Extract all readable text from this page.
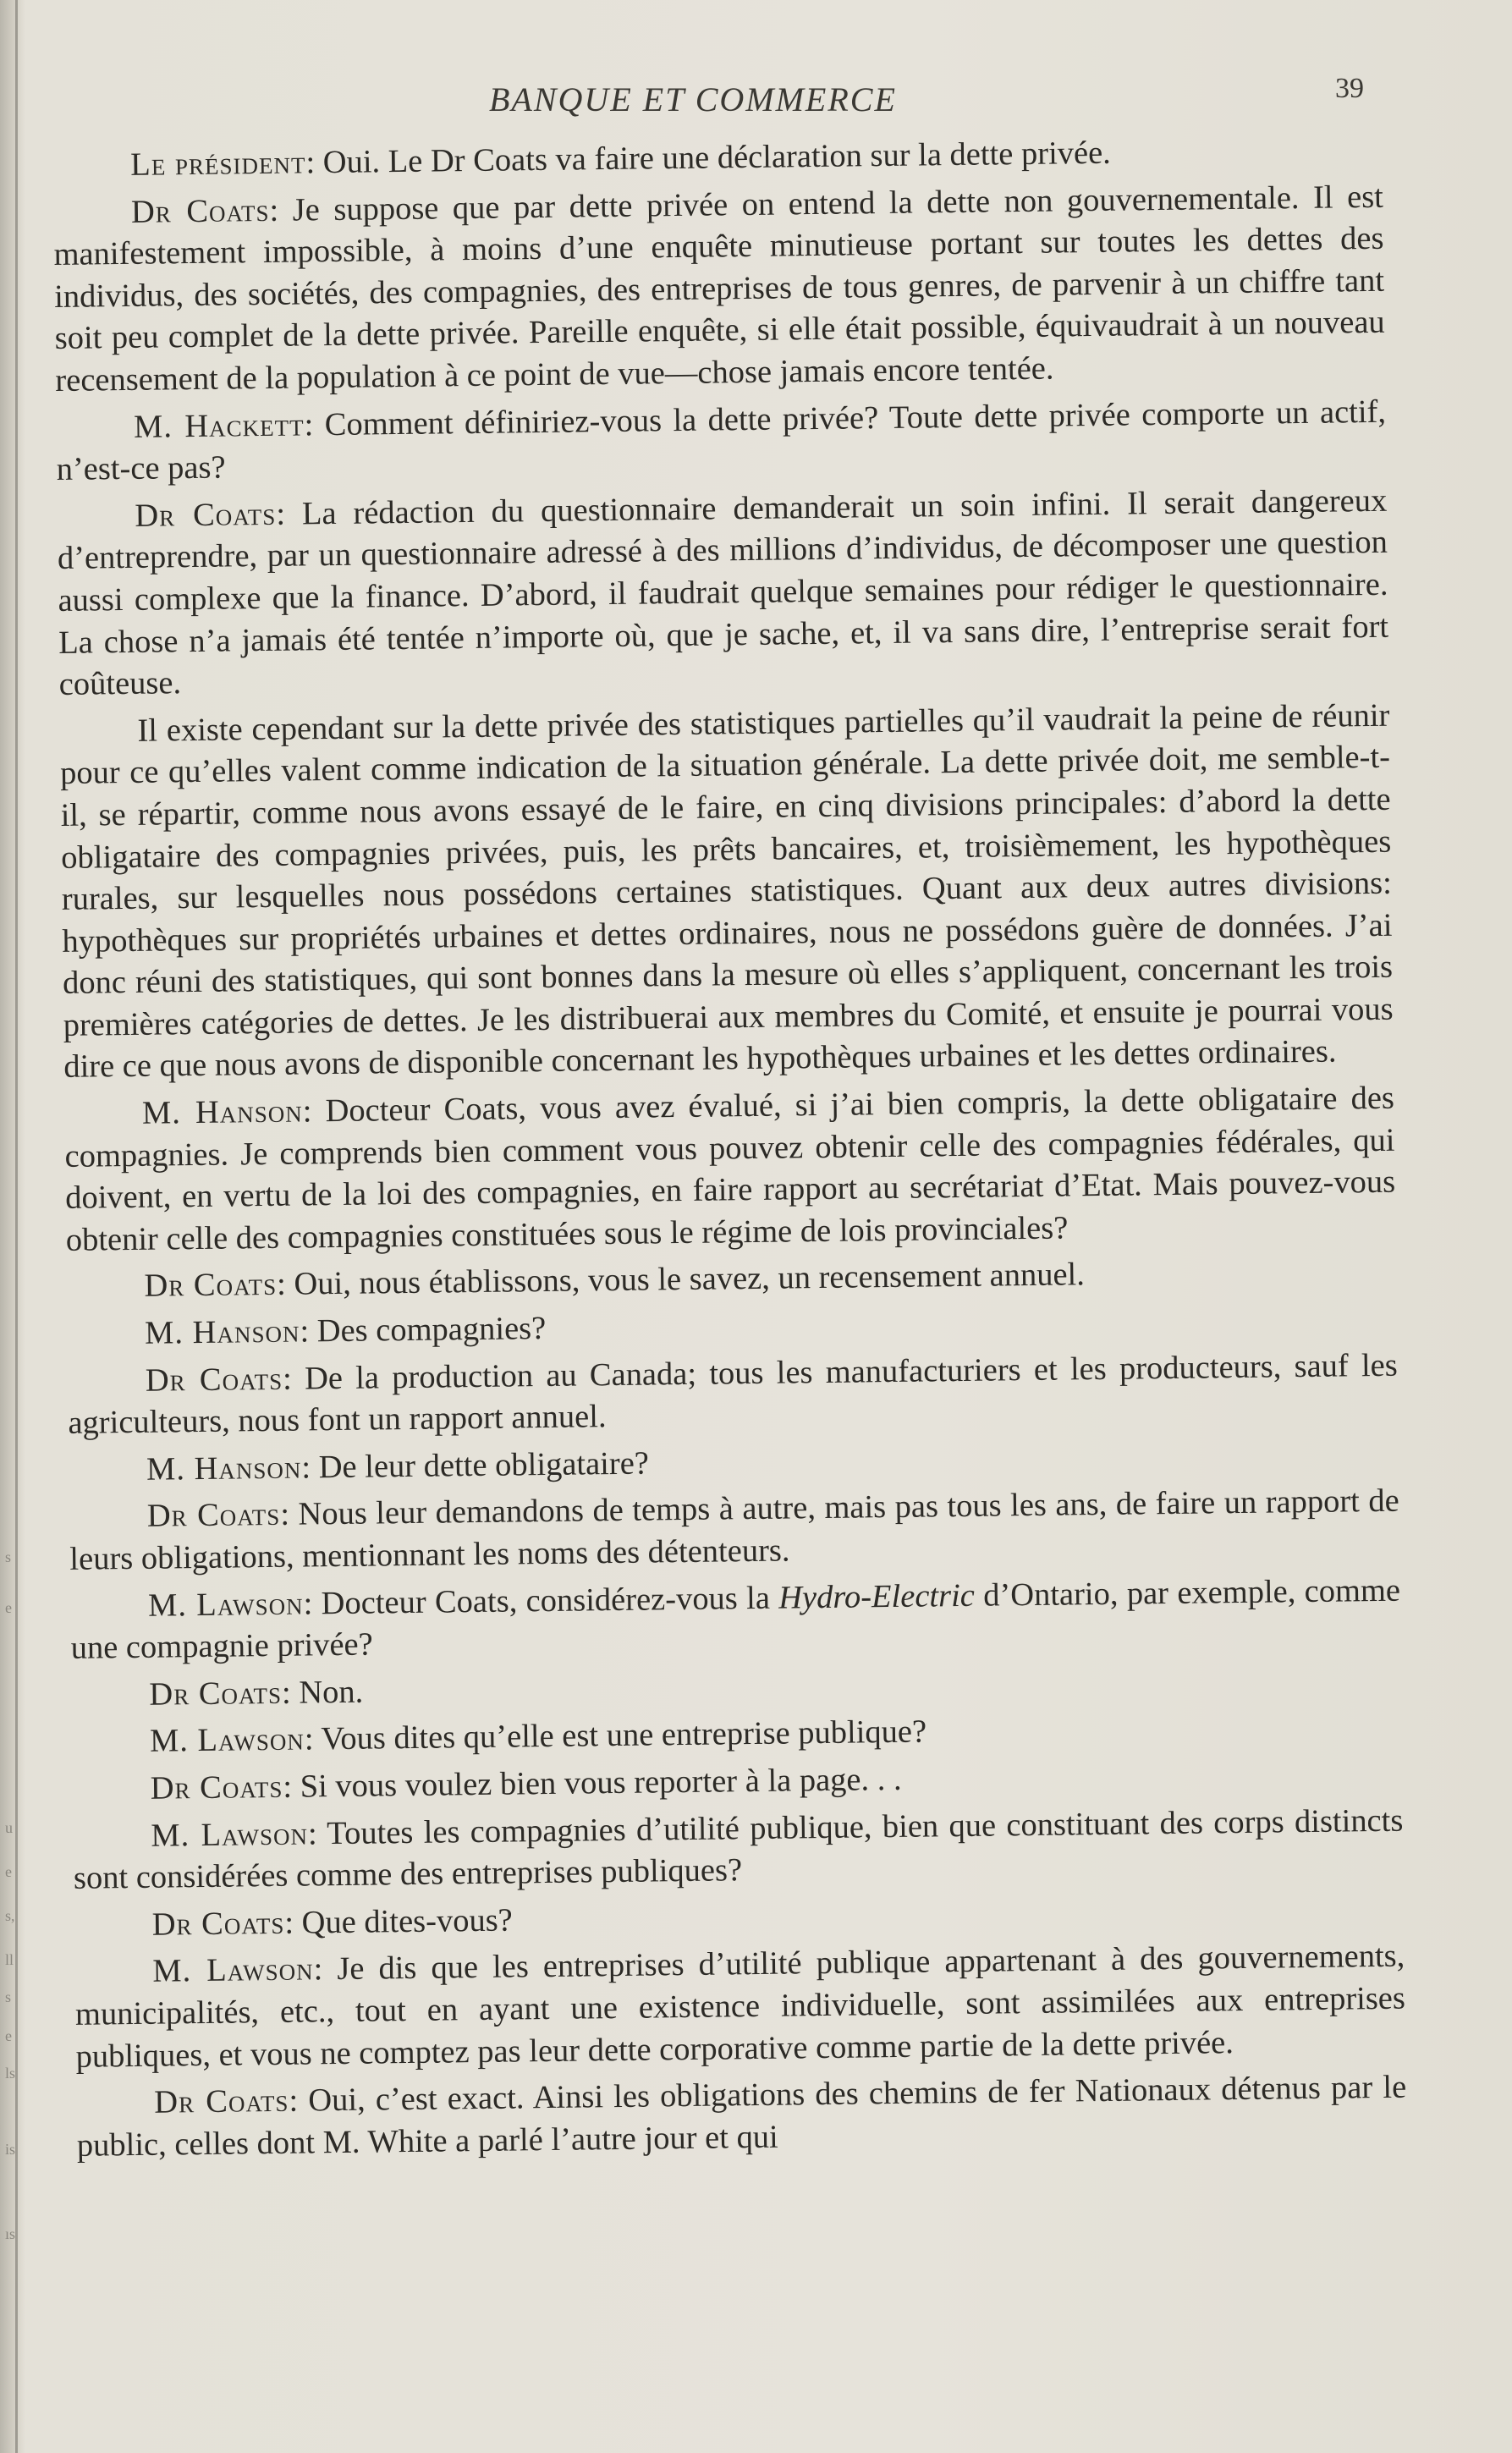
BANQUE ET COMMERCE	39
s
e
u
e
s,
ll
s
e
ls
is
ıs

Le président: Oui. Le Dr Coats va faire une déclaration sur la dette privée.

Dr Coats: Je suppose que par dette privée on entend la dette non gouvernementale. Il est manifestement impossible, à moins d’une enquête minutieuse portant sur toutes les dettes des individus, des sociétés, des compagnies, des entreprises de tous genres, de parvenir à un chiffre tant soit peu complet de la dette privée. Pareille enquête, si elle était possible, équivaudrait à un nouveau recensement de la population à ce point de vue—chose jamais encore tentée.

M. Hackett: Comment définiriez-vous la dette privée? Toute dette privée comporte un actif, n’est-ce pas?

Dr Coats: La rédaction du questionnaire demanderait un soin infini. Il serait dangereux d’entreprendre, par un questionnaire adressé à des millions d’individus, de décomposer une question aussi complexe que la finance. D’abord, il faudrait quelque semaines pour rédiger le questionnaire. La chose n’a jamais été tentée n’importe où, que je sache, et, il va sans dire, l’entreprise serait fort coûteuse.

Il existe cependant sur la dette privée des statistiques partielles qu’il vaudrait la peine de réunir pour ce qu’elles valent comme indication de la situation générale. La dette privée doit, me semble-t-il, se répartir, comme nous avons essayé de le faire, en cinq divisions principales: d’abord la dette obligataire des compagnies privées, puis, les prêts bancaires, et, troisièmement, les hypothèques rurales, sur lesquelles nous possédons certaines statistiques. Quant aux deux autres divisions: hypothèques sur propriétés urbaines et dettes ordinaires, nous ne possédons guère de données. J’ai donc réuni des statistiques, qui sont bonnes dans la mesure où elles s’appliquent, concernant les trois premières catégories de dettes. Je les distribuerai aux membres du Comité, et ensuite je pourrai vous dire ce que nous avons de disponible concernant les hypothèques urbaines et les dettes ordinaires.

M. Hanson: Docteur Coats, vous avez évalué, si j’ai bien compris, la dette obligataire des compagnies. Je comprends bien comment vous pouvez obtenir celle des compagnies fédérales, qui doivent, en vertu de la loi des compagnies, en faire rapport au secrétariat d’Etat. Mais pouvez-vous obtenir celle des compagnies constituées sous le régime de lois provinciales?

Dr Coats: Oui, nous établissons, vous le savez, un recensement annuel.

M. Hanson: Des compagnies?

Dr Coats: De la production au Canada; tous les manufacturiers et les producteurs, sauf les agriculteurs, nous font un rapport annuel.

M. Hanson: De leur dette obligataire?

Dr Coats: Nous leur demandons de temps à autre, mais pas tous les ans, de faire un rapport de leurs obligations, mentionnant les noms des détenteurs.

M. Lawson: Docteur Coats, considérez-vous la Hydro-Electric d’Ontario, par exemple, comme une compagnie privée?

Dr Coats: Non.

M. Lawson: Vous dites qu’elle est une entreprise publique?

Dr Coats: Si vous voulez bien vous reporter à la page. . .

M. Lawson: Toutes les compagnies d’utilité publique, bien que constituant des corps distincts sont considérées comme des entreprises publiques?

Dr Coats: Que dites-vous?

M. Lawson: Je dis que les entreprises d’utilité publique appartenant à des gouvernements, municipalités, etc., tout en ayant une existence individuelle, sont assimilées aux entreprises publiques, et vous ne comptez pas leur dette corporative comme partie de la dette privée.

Dr Coats: Oui, c’est exact. Ainsi les obligations des chemins de fer Nationaux détenus par le public, celles dont M. White a parlé l’autre jour et qui
